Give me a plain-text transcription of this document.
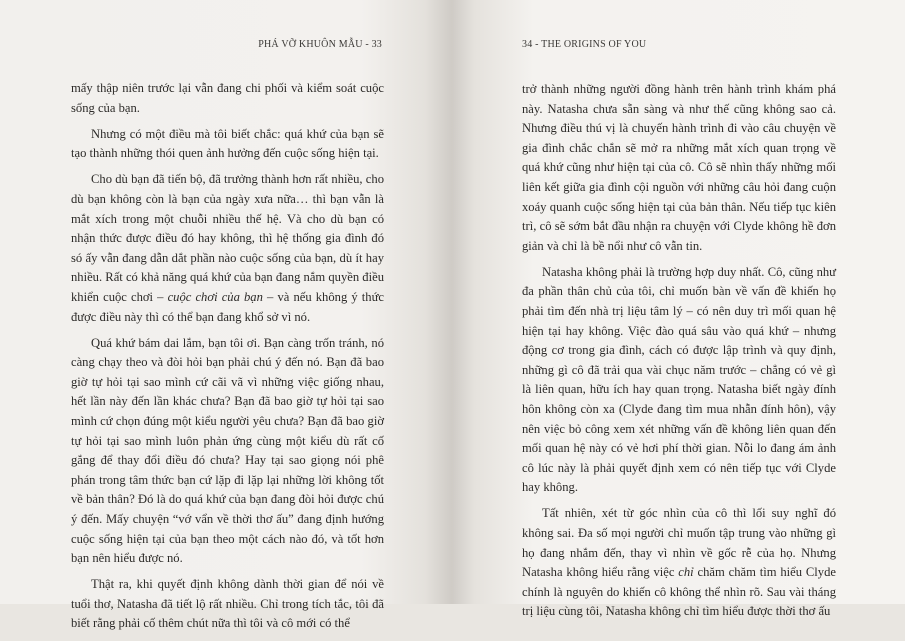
PHÁ VỠ KHUÔN MẪU - 33

mấy thập niên trước lại vẫn đang chi phối và kiểm soát cuộc sống của bạn.

Nhưng có một điều mà tôi biết chắc: quá khứ của bạn sẽ tạo thành những thói quen ảnh hưởng đến cuộc sống hiện tại.

Cho dù bạn đã tiến bộ, đã trưởng thành hơn rất nhiều, cho dù bạn không còn là bạn của ngày xưa nữa… thì bạn vẫn là mắt xích trong một chuỗi nhiều thế hệ. Và cho dù bạn có nhận thức được điều đó hay không, thì hệ thống gia đình đó só ấy vẫn đang dẫn dắt phần nào cuộc sống của bạn, dù ít hay nhiều. Rất có khả năng quá khứ của bạn đang nắm quyền điều khiển cuộc chơi – cuộc chơi của bạn – và nếu không ý thức được điều này thì có thể bạn đang khổ sở vì nó.

Quá khứ bám dai lắm, bạn tôi ơi. Bạn càng trốn tránh, nó càng chạy theo và đòi hỏi bạn phải chú ý đến nó. Bạn đã bao giờ tự hỏi tại sao mình cứ cãi vã vì những việc giống nhau, hết lần này đến lần khác chưa? Bạn đã bao giờ tự hỏi tại sao mình cứ chọn đúng một kiểu người yêu chưa? Bạn đã bao giờ tự hỏi tại sao mình luôn phản ứng cùng một kiểu dù rất cố gắng để thay đổi điều đó chưa? Hay tại sao giọng nói phê phán trong tâm thức bạn cứ lặp đi lặp lại những lời không tốt về bản thân? Đó là do quá khứ của bạn đang đòi hỏi được chú ý đến. Mấy chuyện “vớ vẩn về thời thơ ấu” đang định hướng cuộc sống hiện tại của bạn theo một cách nào đó, và tốt hơn bạn nên hiểu được nó.

Thật ra, khi quyết định không dành thời gian để nói về tuổi thơ, Natasha đã tiết lộ rất nhiều. Chỉ trong tích tắc, tôi đã biết rằng phải cố thêm chút nữa thì tôi và cô mới có thể

34 - THE ORIGINS OF YOU

trở thành những người đồng hành trên hành trình khám phá này. Natasha chưa sẵn sàng và như thế cũng không sao cả. Nhưng điều thú vị là chuyến hành trình đi vào câu chuyện về gia đình chắc chắn sẽ mở ra những mắt xích quan trọng về quá khứ cũng như hiện tại của cô. Cô sẽ nhìn thấy những mối liên kết giữa gia đình cội nguồn với những câu hỏi đang cuộn xoáy quanh cuộc sống hiện tại của bản thân. Nếu tiếp tục kiên trì, cô sẽ sớm bắt đầu nhận ra chuyện với Clyde không hề đơn giản và chỉ là bề nổi như cô vẫn tin.

Natasha không phải là trường hợp duy nhất. Cô, cũng như đa phần thân chủ của tôi, chỉ muốn bàn về vấn đề khiến họ phải tìm đến nhà trị liệu tâm lý – có nên duy trì mối quan hệ hiện tại hay không. Việc đào quá sâu vào quá khứ – nhưng động cơ trong gia đình, cách có được lập trình và quy định, những gì cô đã trải qua vài chục năm trước – chẳng có vẻ gì là liên quan, hữu ích hay quan trọng. Natasha biết ngày đính hôn không còn xa (Clyde đang tìm mua nhẫn đính hôn), vậy nên việc bỏ công xem xét những vấn đề không liên quan đến mối quan hệ này có vẻ hơi phí thời gian. Nỗi lo đang ám ảnh cô lúc này là phải quyết định xem có nên tiếp tục với Clyde hay không.

Tất nhiên, xét từ góc nhìn của cô thì lối suy nghĩ đó không sai. Đa số mọi người chỉ muốn tập trung vào những gì họ đang nhắm đến, thay vì nhìn về gốc rễ của họ. Nhưng Natasha không hiểu rằng việc chỉ chăm chăm tìm hiểu Clyde chính là nguyên do khiến cô không thể nhìn rõ. Sau vài tháng trị liệu cùng tôi, Natasha không chỉ tìm hiểu được thời thơ ấu
